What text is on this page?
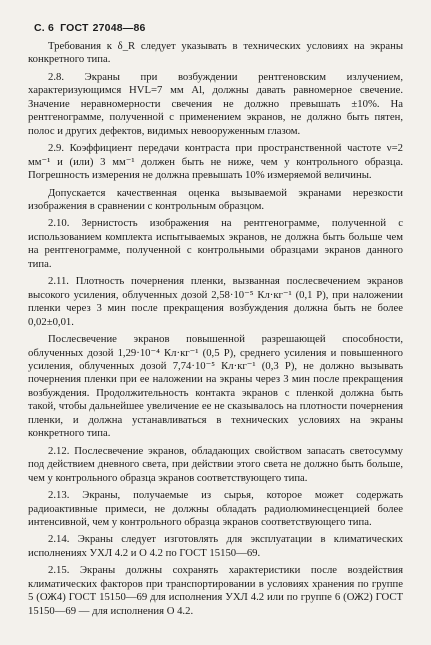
С. 6 ГОСТ 27048—86

Требования к δ_R следует указывать в технических условиях на экраны конкретного типа.

2.8. Экраны при возбуждении рентгеновским излучением, характеризующимся HVL=7 мм Al, должны давать равномерное свечение. Значение неравномерности свечения не должно превышать ±10%. На рентгенограмме, полученной с применением экранов, не должно быть пятен, полос и других дефектов, видимых невооруженным глазом.

2.9. Коэффициент передачи контраста при пространственной частоте ν=2 мм⁻¹ и (или) 3 мм⁻¹ должен быть не ниже, чем у контрольного образца. Погрешность измерения не должна превышать 10% измеряемой величины.

Допускается качественная оценка вызываемой экранами нерезкости изображения в сравнении с контрольным образцом.

2.10. Зернистость изображения на рентгенограмме, полученной с использованием комплекта испытываемых экранов, не должна быть больше чем на рентгенограмме, полученной с контрольными образцами экранов данного типа.

2.11. Плотность почернения пленки, вызванная послесвечением экранов высокого усиления, облученных дозой 2,58·10⁻⁵ Кл·кг⁻¹ (0,1 Р), при наложении пленки через 3 мин после прекращения возбуждения должна быть не более 0,02±0,01.

Послесвечение экранов повышенной разрешающей способности, облученных дозой 1,29·10⁻⁴ Кл·кг⁻¹ (0,5 Р), среднего усиления и повышенного усиления, облученных дозой 7,74·10⁻⁵ Кл·кг⁻¹ (0,3 Р), не должно вызывать почернения пленки при ее наложении на экраны через 3 мин после прекращения возбуждения. Продолжительность контакта экранов с пленкой должна быть такой, чтобы дальнейшее увеличение ее не сказывалось на плотности почернения пленки, и должна устанавливаться в технических условиях на экраны конкретного типа.

2.12. Послесвечение экранов, обладающих свойством запасать светосумму под действием дневного света, при действии этого света не должно быть больше, чем у контрольного образца экранов соответствующего типа.

2.13. Экраны, получаемые из сырья, которое может содержать радиоактивные примеси, не должны обладать радиолюминесценцией более интенсивной, чем у контрольного образца экранов соответствующего типа.

2.14. Экраны следует изготовлять для эксплуатации в климатических исполнениях УХЛ 4.2 и О 4.2 по ГОСТ 15150—69.

2.15. Экраны должны сохранять характеристики после воздействия климатических факторов при транспортировании в условиях хранения по группе 5 (ОЖ4) ГОСТ 15150—69 для исполнения УХЛ 4.2 или по группе 6 (ОЖ2) ГОСТ 15150—69 — для исполнения О 4.2.
